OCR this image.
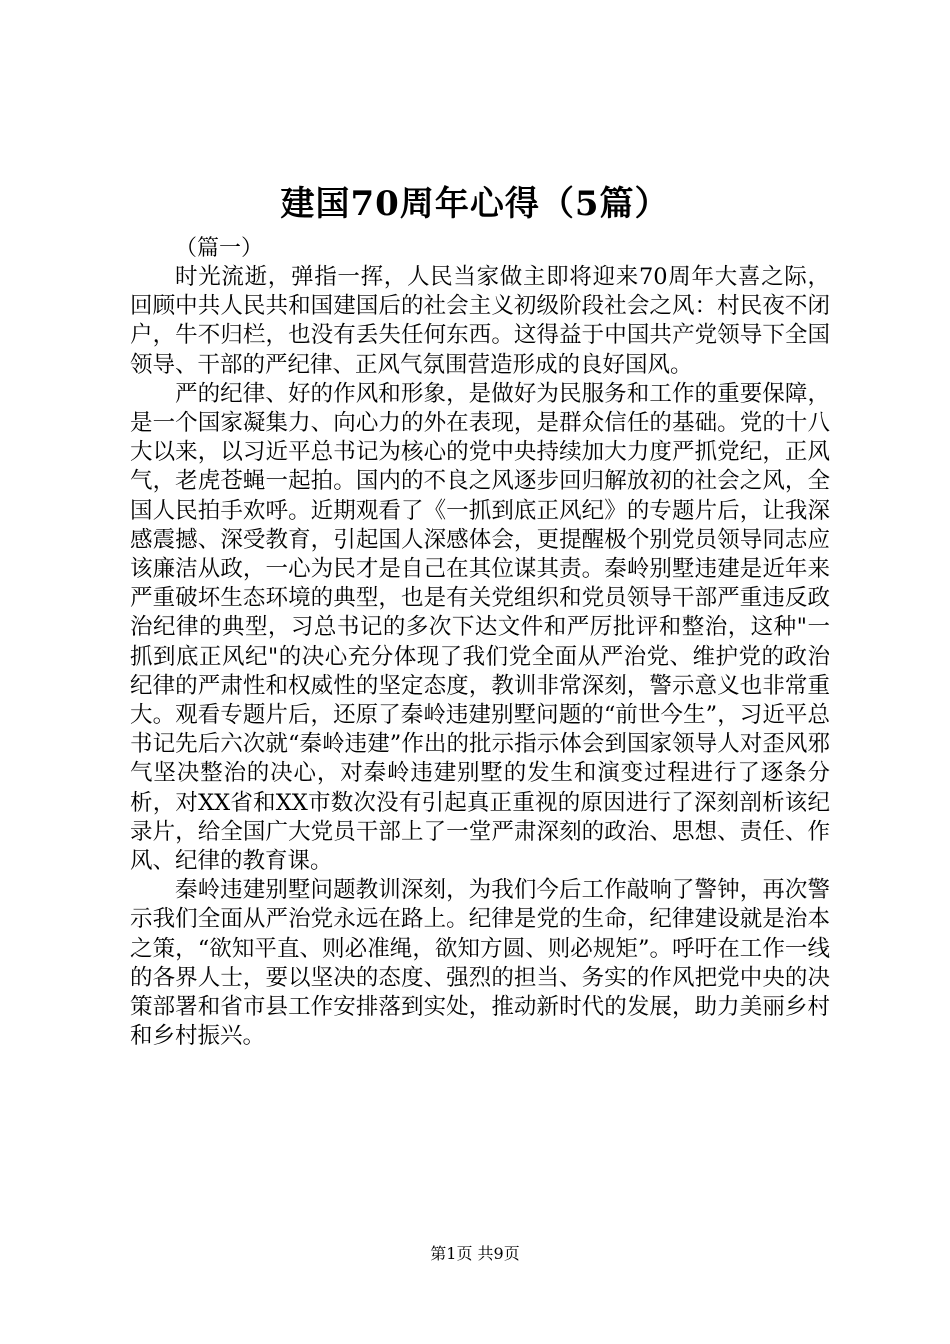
建国70周年心得（5篇）
（篇一）

时光流逝，弹指一挥，人民当家做主即将迎来70周年大喜之际，回顾中共人民共和国建国后的社会主义初级阶段社会之风：村民夜不闭户，牛不归栏，也没有丢失任何东西。这得益于中国共产党领导下全国领导、干部的严纪律、正风气氛围营造形成的良好国风。

严的纪律、好的作风和形象，是做好为民服务和工作的重要保障，是一个国家凝集力、向心力的外在表现，是群众信任的基础。党的十八大以来，以习近平总书记为核心的党中央持续加大力度严抓党纪，正风气，老虎苍蝇一起拍。国内的不良之风逐步回归解放初的社会之风，全国人民拍手欢呼。近期观看了《一抓到底正风纪》的专题片后，让我深感震撼、深受教育，引起国人深感体会，更提醒极个别党员领导同志应该廉洁从政，一心为民才是自己在其位谋其责。秦岭别墅违建是近年来严重破坏生态环境的典型，也是有关党组织和党员领导干部严重违反政治纪律的典型，习总书记的多次下达文件和严厉批评和整治，这种"一抓到底正风纪"的决心充分体现了我们党全面从严治党、维护党的政治纪律的严肃性和权威性的坚定态度，教训非常深刻，警示意义也非常重大。观看专题片后，还原了秦岭违建别墅问题的“前世今生”，习近平总书记先后六次就“秦岭违建”作出的批示指示体会到国家领导人对歪风邪气坚决整治的决心，对秦岭违建别墅的发生和演变过程进行了逐条分析，对XX省和XX市数次没有引起真正重视的原因进行了深刻剖析该纪录片，给全国广大党员干部上了一堂严肃深刻的政治、思想、责任、作风、纪律的教育课。

秦岭违建别墅问题教训深刻，为我们今后工作敲响了警钟，再次警示我们全面从严治党永远在路上。纪律是党的生命，纪律建设就是治本之策，“欲知平直、则必准绳，欲知方圆、则必规矩”。呼吁在工作一线的各界人士，要以坚决的态度、强烈的担当、务实的作风把党中央的决策部署和省市县工作安排落到实处，推动新时代的发展，助力美丽乡村和乡村振兴。

第1页 共9页
